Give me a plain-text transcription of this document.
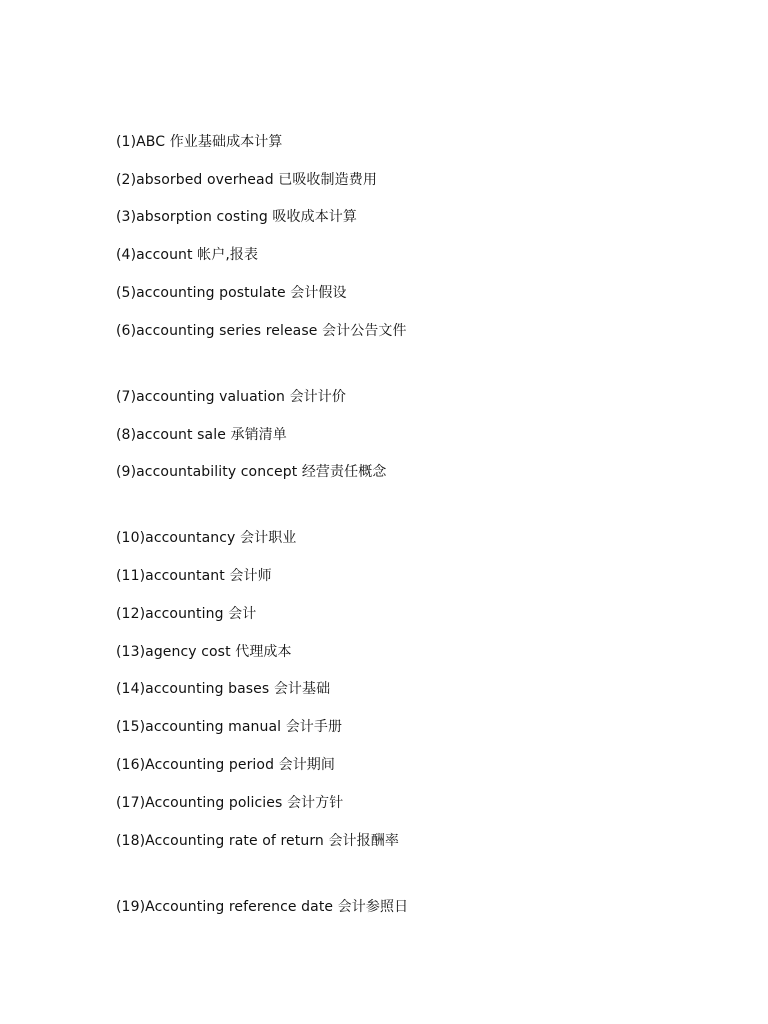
(1)ABC 作业基础成本计算
(2)absorbed overhead 已吸收制造费用
(3)absorption costing 吸收成本计算
(4)account 帐户,报表
(5)accounting postulate 会计假设
(6)accounting series release 会计公告文件
(7)accounting valuation 会计计价
(8)account sale 承销清单
(9)accountability concept 经营责任概念
(10)accountancy 会计职业
(11)accountant 会计师
(12)accounting 会计
(13)agency cost 代理成本
(14)accounting bases 会计基础
(15)accounting manual 会计手册
(16)Accounting period 会计期间
(17)Accounting policies 会计方针
(18)Accounting rate of return 会计报酬率
(19)Accounting reference date 会计参照日
